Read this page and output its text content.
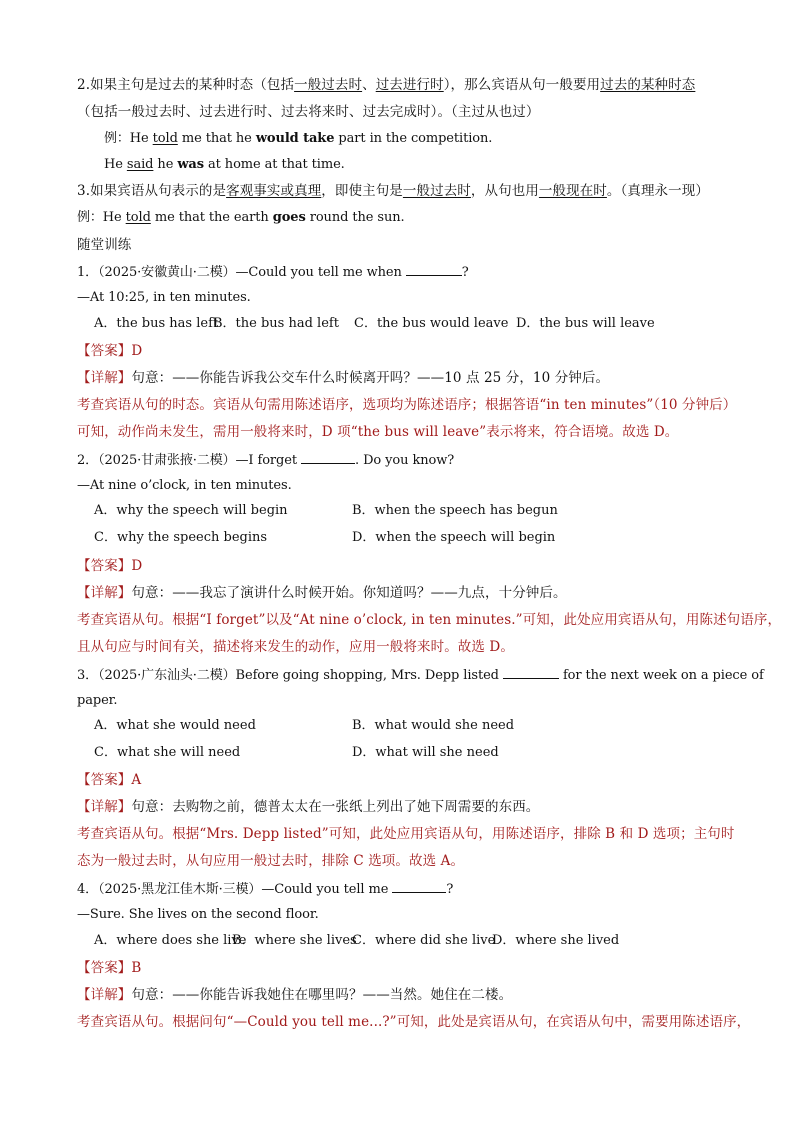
2.如果主句是过去的某种时态（包括一般过去时、过去进行时），那么宾语从句一般要用过去的某种时态
（包括一般过去时、过去进行时、过去将来时、过去完成时）。（主过从也过）
例：He told me that he would take part in the competition.
He said he was at home at that time.
3.如果宾语从句表示的是客观事实或真理，即使主句是一般过去时，从句也用一般现在时。（真理永一现）
例：He told me that the earth goes round the sun.
随堂训练
1．（2025·安徽黄山·二模）—Could you tell me when	?
—At 10:25, in ten minutes.
A．the bus has left
B．the bus had left C．the bus would leave D．the bus will leave
【答案】D
【详解】句意：——你能告诉我公交车什么时候离开吗？——10 点 25 分，10 分钟后。
考查宾语从句的时态。宾语从句需用陈述语序，选项均为陈述语序；根据答语“in ten minutes”（10 分钟后）
可知，动作尚未发生，需用一般将来时，D 项“the bus will leave”表示将来，符合语境。故选 D。
2．（2025·甘肃张掖·二模）—I forget	. Do you know?
—At nine o’clock, in ten minutes.
A．why the speech will begin	B．when the speech has begun
C．why the speech begins	D．when the speech will begin
【答案】D
【详解】句意：——我忘了演讲什么时候开始。你知道吗？——九点，十分钟后。
考查宾语从句。根据“I forget”以及“At nine o’clock, in ten minutes.”可知，此处应用宾语从句，用陈述句语序，
且从句应与时间有关，描述将来发生的动作，应用一般将来时。故选 D。
3．（2025·广东汕头·二模）Before going shopping, Mrs. Depp listed	for the next week on a piece of
paper.
A．what she would need	B．what would she need
C．what she will need	D．what will she need
【答案】A
【详解】句意：去购物之前，德普太太在一张纸上列出了她下周需要的东西。
考查宾语从句。根据“Mrs. Depp listed”可知，此处应用宾语从句，用陈述语序，排除 B 和 D 选项；主句时
态为一般过去时，从句应用一般过去时，排除 C 选项。故选 A。
4．（2025·黑龙江佳木斯·三模）—Could you tell me	?
—Sure. She lives on the second floor.
A．where does she live
B．where she lives
C．where did she live
D．where she lived
【答案】B
【详解】句意：——你能告诉我她住在哪里吗？——当然。她住在二楼。
考查宾语从句。根据问句“—Could you tell me...?”可知，此处是宾语从句，在宾语从句中，需要用陈述语序，
